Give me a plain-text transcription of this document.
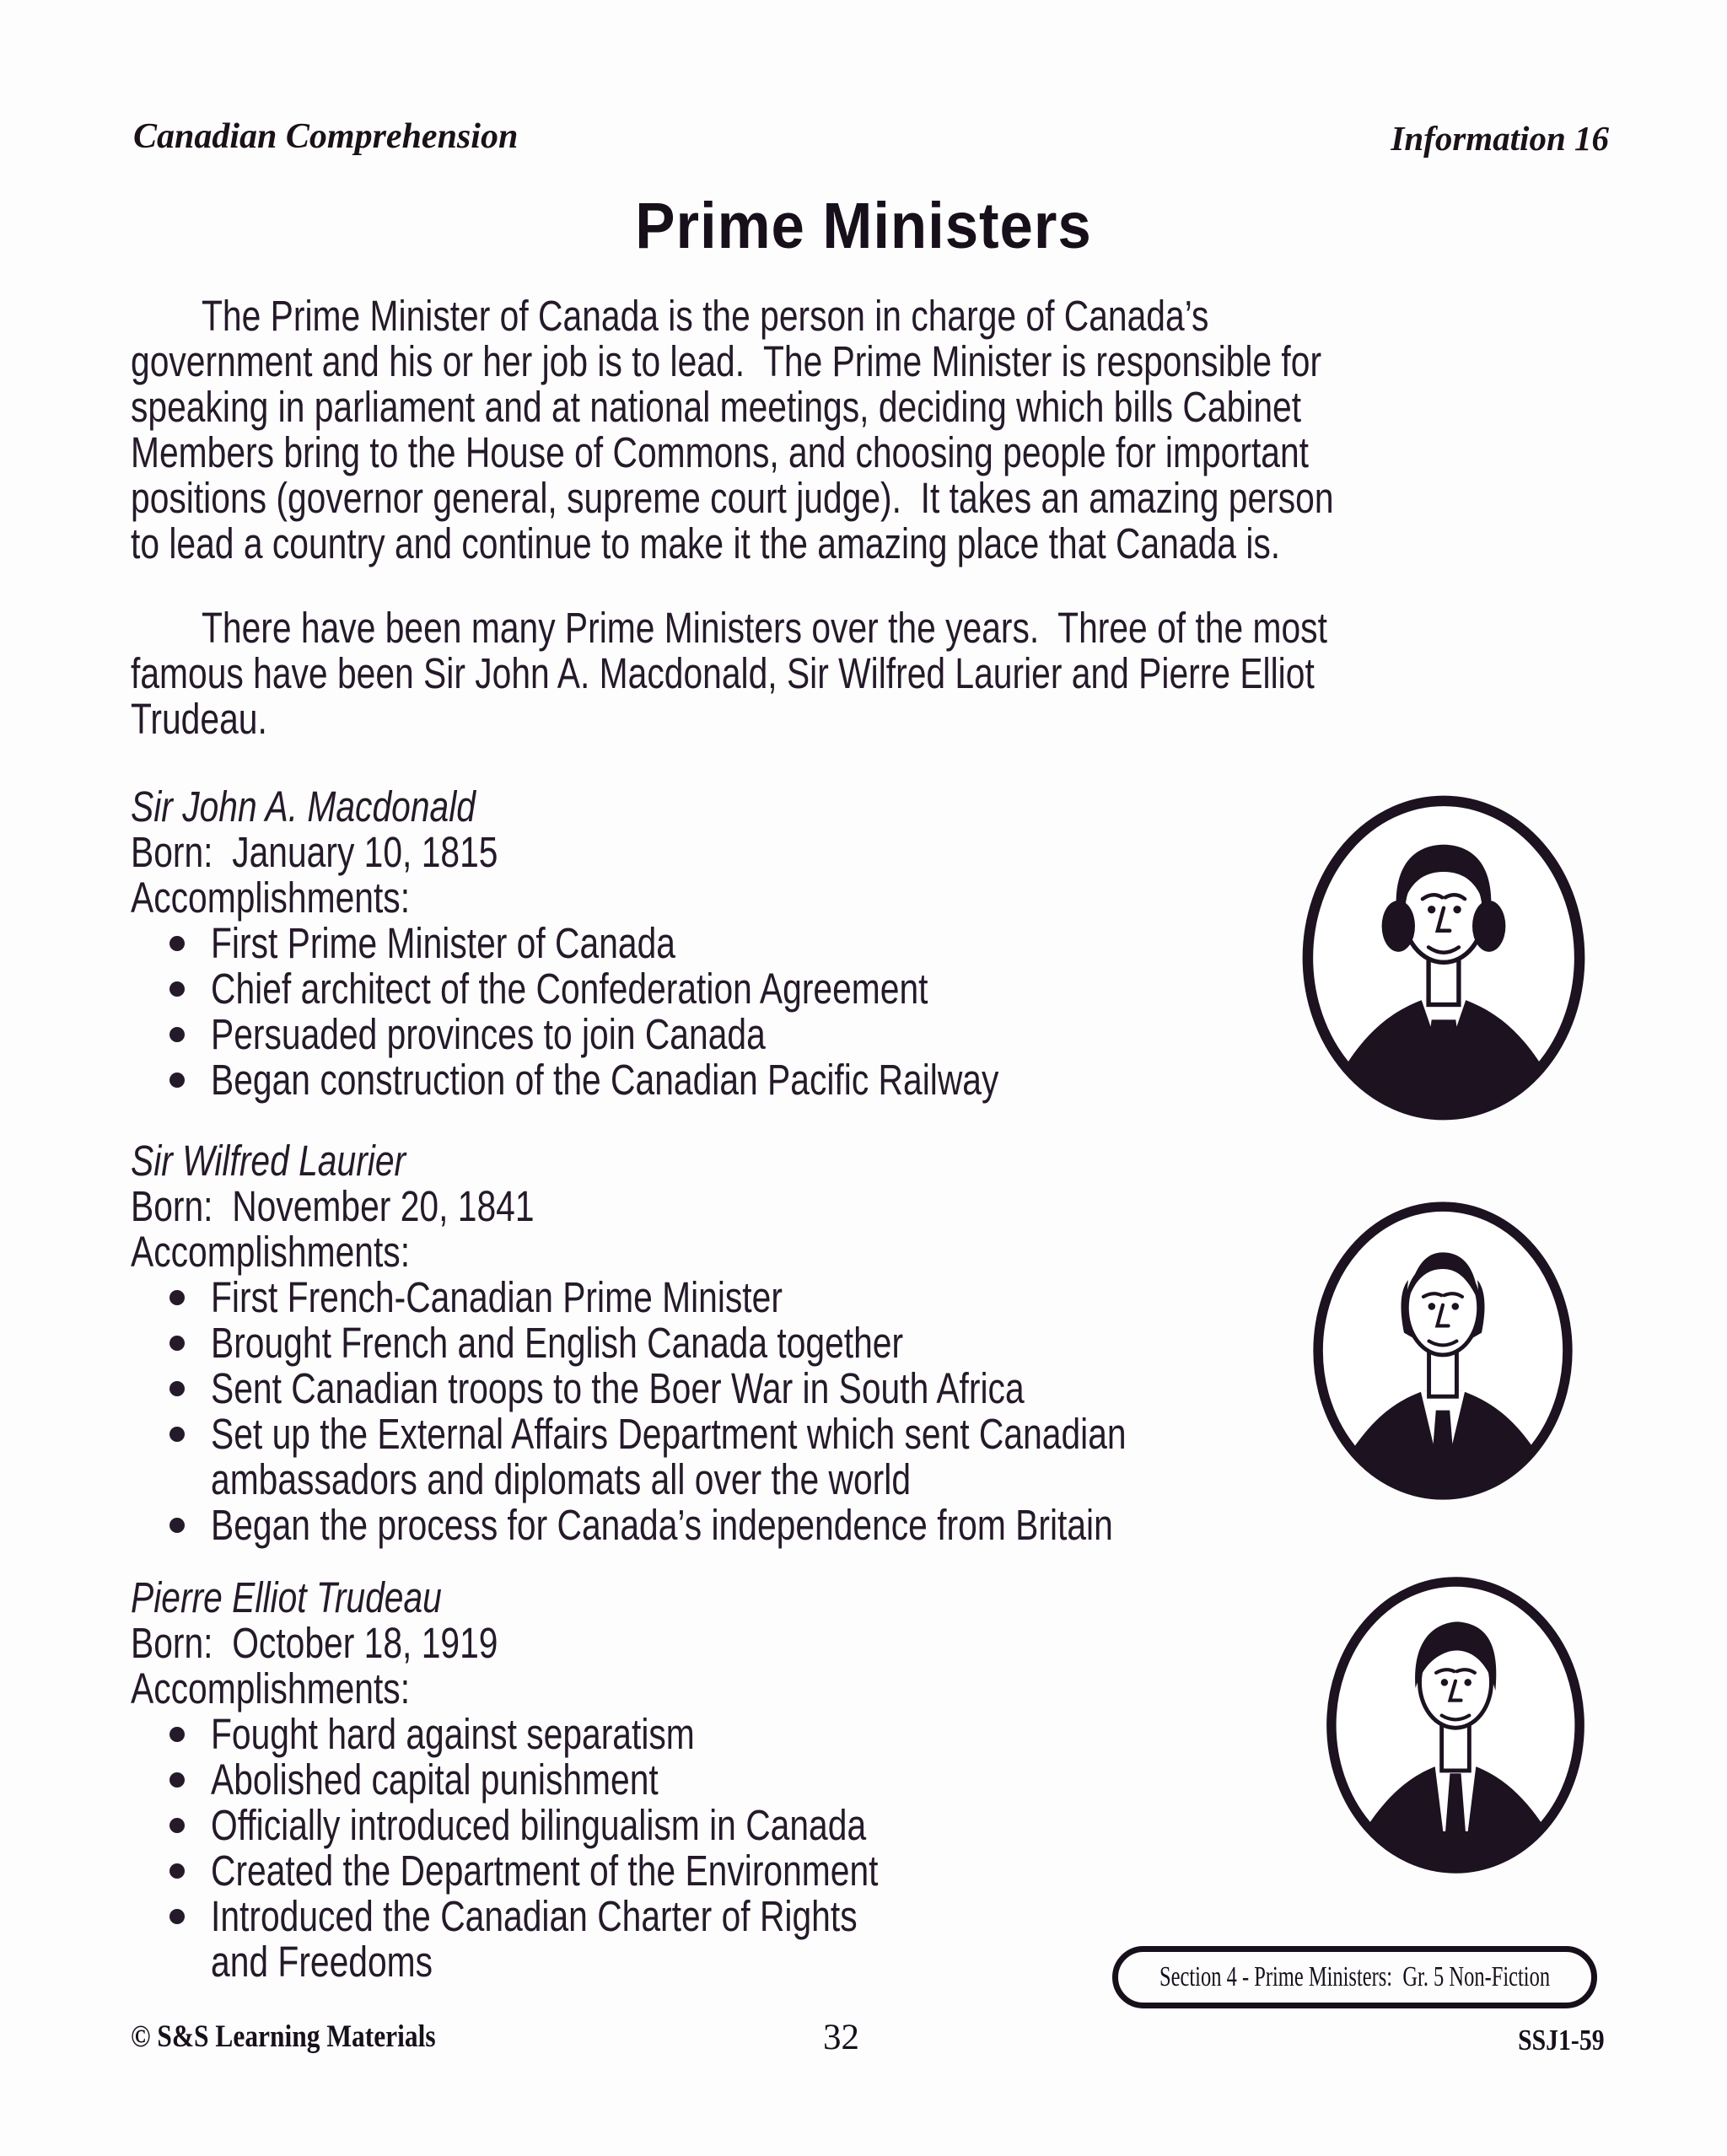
Canadian Comprehension	Information 16
Prime Ministers
The Prime Minister of Canada is the person in charge of Canada’s
government and his or her job is to lead.  The Prime Minister is responsible for
speaking in parliament and at national meetings, deciding which bills Cabinet
Members bring to the House of Commons, and choosing people for important
positions (governor general, supreme court judge).  It takes an amazing person
to lead a country and continue to make it the amazing place that Canada is.
There have been many Prime Ministers over the years.  Three of the most
famous have been Sir John A. Macdonald, Sir Wilfred Laurier and Pierre Elliot
Trudeau.
Sir John A. Macdonald
Born:  January 10, 1815
Accomplishments:
First Prime Minister of Canada
Chief architect of the Confederation Agreement
Persuaded provinces to join Canada
Began construction of the Canadian Pacific Railway
Sir Wilfred Laurier
Born:  November 20, 1841
Accomplishments:
First French-Canadian Prime Minister
Brought French and English Canada together
Sent Canadian troops to the Boer War in South Africa
Set up the External Affairs Department which sent Canadian
ambassadors and diplomats all over the world
Began the process for Canada’s independence from Britain
Pierre Elliot Trudeau
Born:  October 18, 1919
Accomplishments:
Fought hard against separatism
Abolished capital punishment
Officially introduced bilingualism in Canada
Created the Department of the Environment
Introduced the Canadian Charter of Rights
and Freedoms	Section 4 - Prime Ministers:  Gr. 5 Non-Fiction
© S&S Learning Materials	32	SSJ1-59
